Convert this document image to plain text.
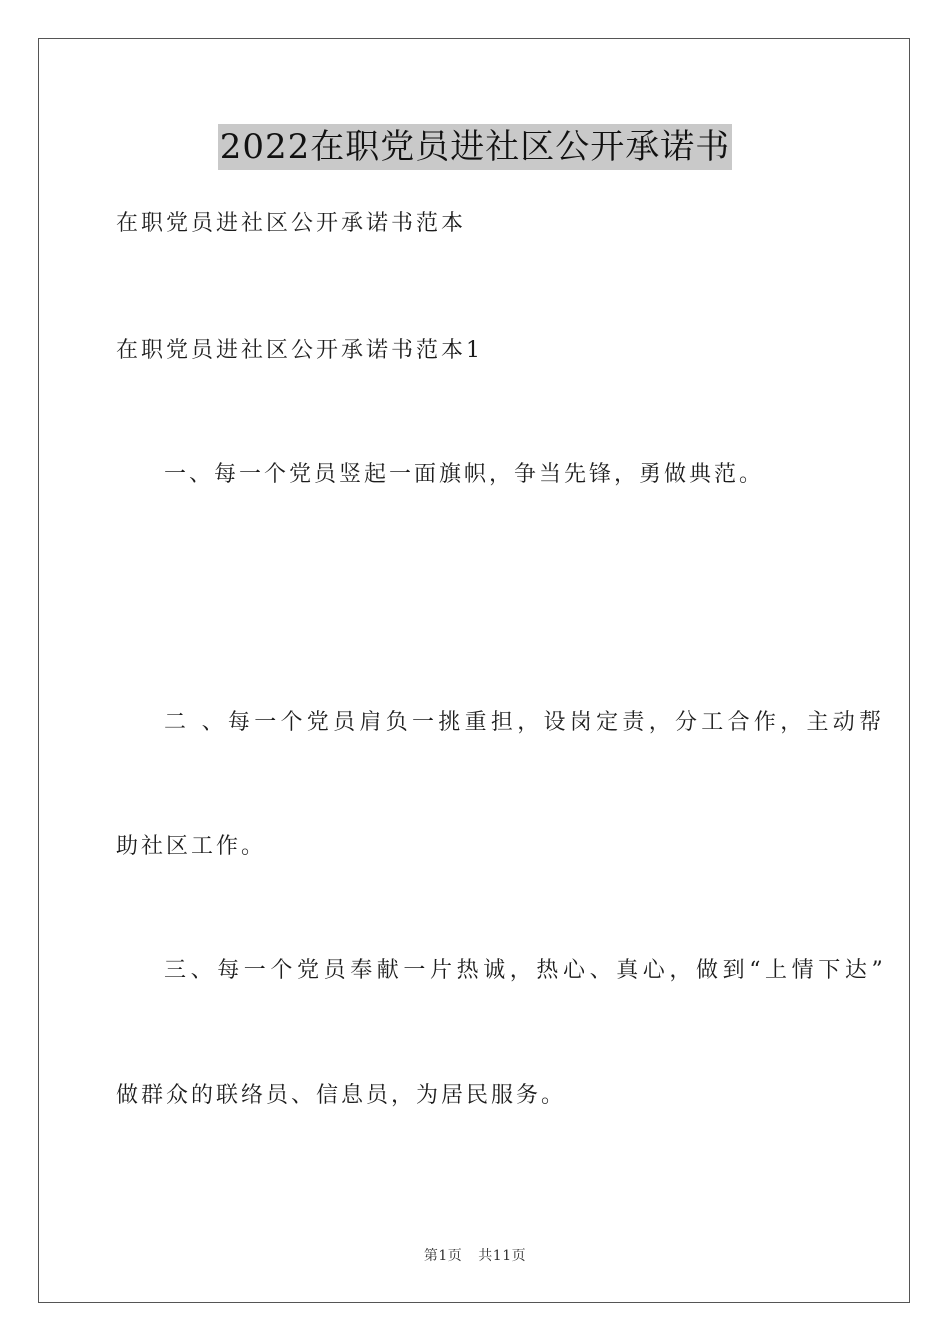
2022在职党员进社区公开承诺书

在职党员进社区公开承诺书范本

在职党员进社区公开承诺书范本1

一、每一个党员竖起一面旗帜，争当先锋，勇做典范。

二 、每一个党员肩负一挑重担，设岗定责，分工合作，主动帮

助社区工作。

三、每一个党员奉献一片热诚，热心、真心，做到“上情下达”

做群众的联络员、信息员，为居民服务。

第1页 共11页
